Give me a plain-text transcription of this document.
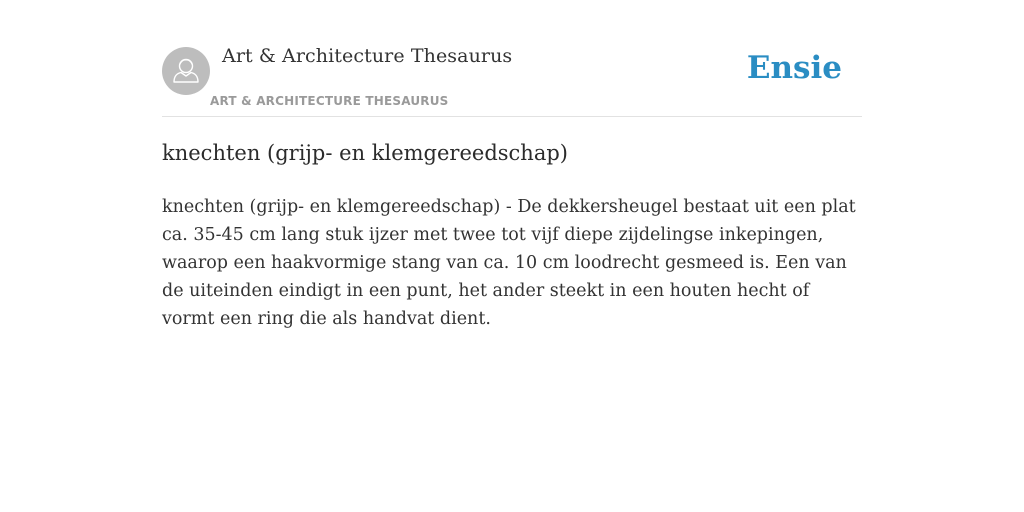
Art & Architecture Thesaurus
ART & ARCHITECTURE THESAURUS
Ensie
knechten (grijp- en klemgereedschap)

knechten (grijp- en klemgereedschap) - De dekkersheugel bestaat uit een plat ca. 35-45 cm lang stuk ijzer met twee tot vijf diepe zijdelingse inkepingen, waarop een haakvormige stang van ca. 10 cm loodrecht gesmeed is. Een van de uiteinden eindigt in een punt, het ander steekt in een houten hecht of vormt een ring die als handvat dient.
